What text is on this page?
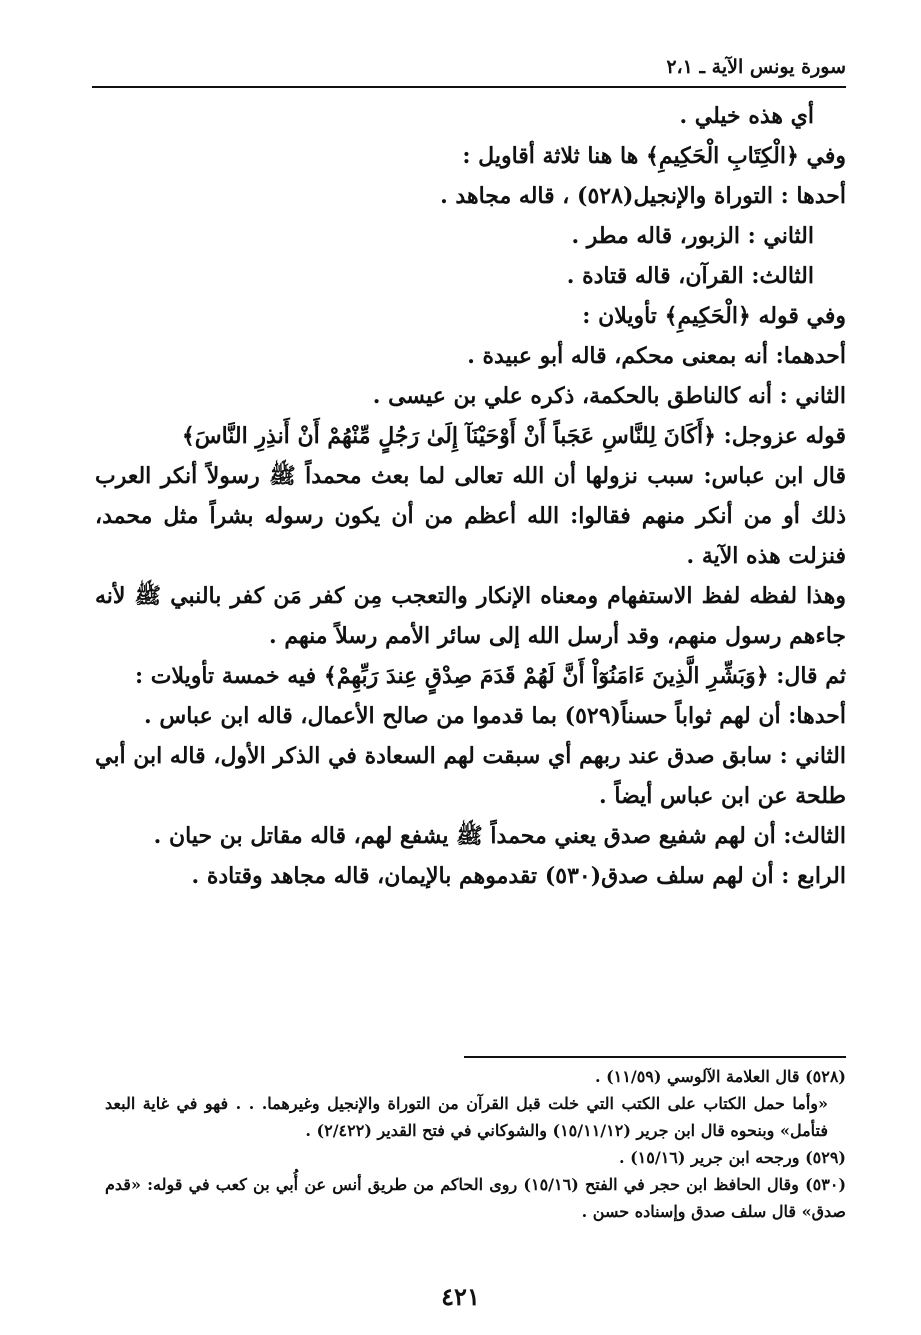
سورة يونس الآية ـ ٢،١

أي هذه خيلي .

وفي ﴿الْكِتَابِ الْحَكِيمِ﴾ ها هنا ثلاثة أقاويل :

أحدها : التوراة والإنجيل(٥٢٨) ، قاله مجاهد .

الثاني : الزبور، قاله مطر .

الثالث: القرآن، قاله قتادة .

وفي قوله ﴿الْحَكِيمِ﴾ تأويلان :

أحدهما: أنه بمعنى محكم، قاله أبو عبيدة .

الثاني : أنه كالناطق بالحكمة، ذكره علي بن عيسى .

قوله عزوجل: ﴿أَكَانَ لِلنَّاسِ عَجَباً أَنْ أَوْحَيْنَآ إِلَىٰ رَجُلٍ مِّنْهُمْ أَنْ أَنذِرِ النَّاسَ﴾

قال ابن عباس: سبب نزولها أن الله تعالى لما بعث محمداً ﷺ رسولاً أنكر العرب ذلك أو من أنكر منهم فقالوا: الله أعظم من أن يكون رسوله بشراً مثل محمد، فنزلت هذه الآية .

وهذا لفظه لفظ الاستفهام ومعناه الإنكار والتعجب مِن كفر مَن كفر بالنبي ﷺ لأنه جاءهم رسول منهم، وقد أرسل الله إلى سائر الأمم رسلاً منهم .

ثم قال: ﴿وَبَشِّرِ الَّذِينَ ءَامَنُوٓاْ أَنَّ لَهُمْ قَدَمَ صِدْقٍ عِندَ رَبِّهِمْ﴾ فيه خمسة تأويلات :

أحدها: أن لهم ثواباً حسناً(٥٢٩) بما قدموا من صالح الأعمال، قاله ابن عباس .

الثاني : سابق صدق عند ربهم أي سبقت لهم السعادة في الذكر الأول، قاله ابن أبي طلحة عن ابن عباس أيضاً .

الثالث: أن لهم شفيع صدق يعني محمداً ﷺ يشفع لهم، قاله مقاتل بن حيان .

الرابع : أن لهم سلف صدق(٥٣٠) تقدموهم بالإيمان، قاله مجاهد وقتادة .

(٥٢٨) قال العلامة الآلوسي (١١/٥٩) .

«وأما حمل الكتاب على الكتب التي خلت قبل القرآن من التوراة والإنجيل وغيرهما. . . فهو في غاية البعد فتأمل» وبنحوه قال ابن جرير (١٥/١١/١٢) والشوكاني في فتح القدير (٢/٤٢٢) .

(٥٢٩) ورجحه ابن جرير (١٥/١٦) .

(٥٣٠) وقال الحافظ ابن حجر في الفتح (١٥/١٦) روى الحاكم من طريق أنس عن أُبي بن كعب في قوله: «قدم صدق» قال سلف صدق وإسناده حسن .

٤٢١
